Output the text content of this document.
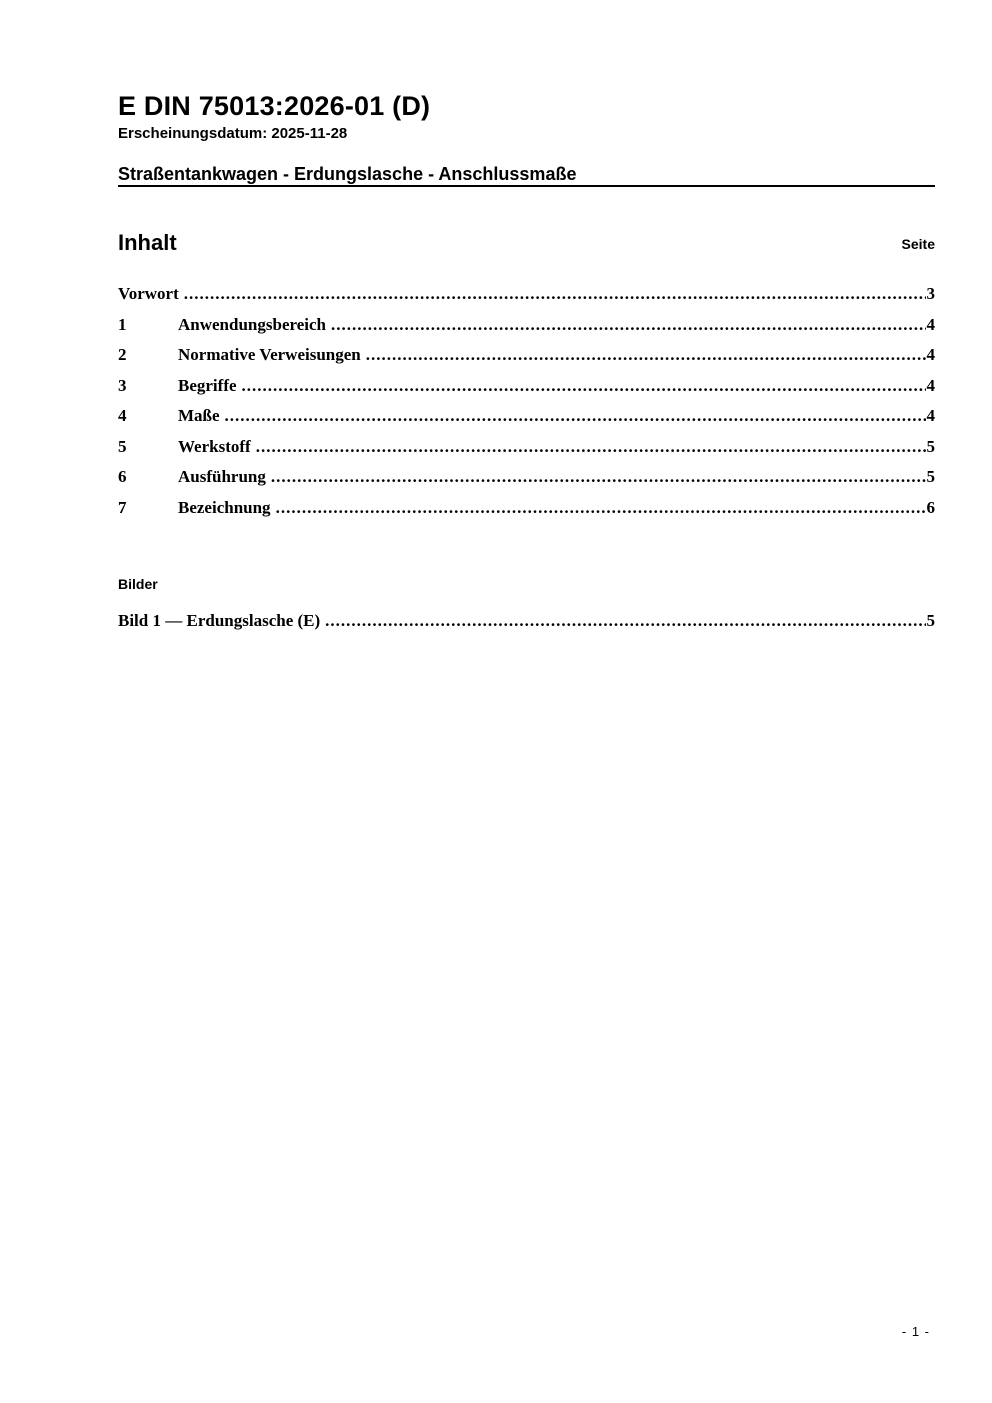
E DIN 75013:2026-01 (D)
Erscheinungsdatum: 2025-11-28
Straßentankwagen - Erdungslasche - Anschlussmaße
Inhalt	Seite
Vorwort .....	3
1	Anwendungsbereich .....	4
2	Normative Verweisungen .....	4
3	Begriffe .....	4
4	Maße .....	4
5	Werkstoff .....	5
6	Ausführung .....	5
7	Bezeichnung .....	6
Bilder
Bild 1 — Erdungslasche (E) .....	5
- 1 -
